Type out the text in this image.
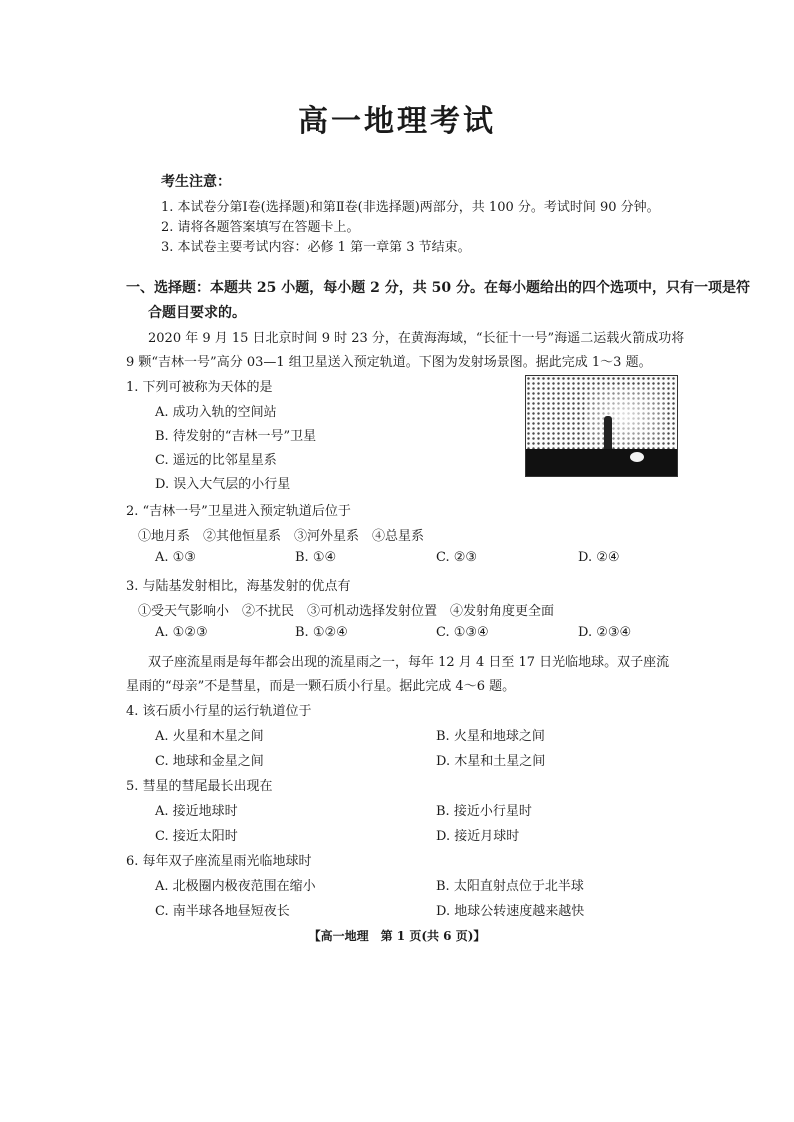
高一地理考试
考生注意：
1. 本试卷分第Ⅰ卷(选择题)和第Ⅱ卷(非选择题)两部分，共 100 分。考试时间 90 分钟。
2. 请将各题答案填写在答题卡上。
3. 本试卷主要考试内容：必修 1 第一章第 3 节结束。
一、选择题：本题共 25 小题，每小题 2 分，共 50 分。在每小题给出的四个选项中，只有一项是符
合题目要求的。
2020 年 9 月 15 日北京时间 9 时 23 分，在黄海海域，“长征十一号”海遥二运载火箭成功将
9 颗“吉林一号”高分 03—1 组卫星送入预定轨道。下图为发射场景图。据此完成 1～3 题。
1. 下列可被称为天体的是
A. 成功入轨的空间站
B. 待发射的“吉林一号”卫星
C. 遥远的比邻星星系
D. 误入大气层的小行星
2. “吉林一号”卫星进入预定轨道后位于
①地月系　②其他恒星系　③河外星系　④总星系
A. ①③	B. ①④	C. ②③	D. ②④
3. 与陆基发射相比，海基发射的优点有
①受天气影响小　②不扰民　③可机动选择发射位置　④发射角度更全面
A. ①②③	B. ①②④	C. ①③④	D. ②③④
双子座流星雨是每年都会出现的流星雨之一，每年 12 月 4 日至 17 日光临地球。双子座流
星雨的“母亲”不是彗星，而是一颗石质小行星。据此完成 4～6 题。
4. 该石质小行星的运行轨道位于
A. 火星和木星之间	B. 火星和地球之间
C. 地球和金星之间	D. 木星和土星之间
5. 彗星的彗尾最长出现在
A. 接近地球时	B. 接近小行星时
C. 接近太阳时	D. 接近月球时
6. 每年双子座流星雨光临地球时
A. 北极圈内极夜范围在缩小	B. 太阳直射点位于北半球
C. 南半球各地昼短夜长	D. 地球公转速度越来越快
【高一地理　第 1 页(共 6 页)】
